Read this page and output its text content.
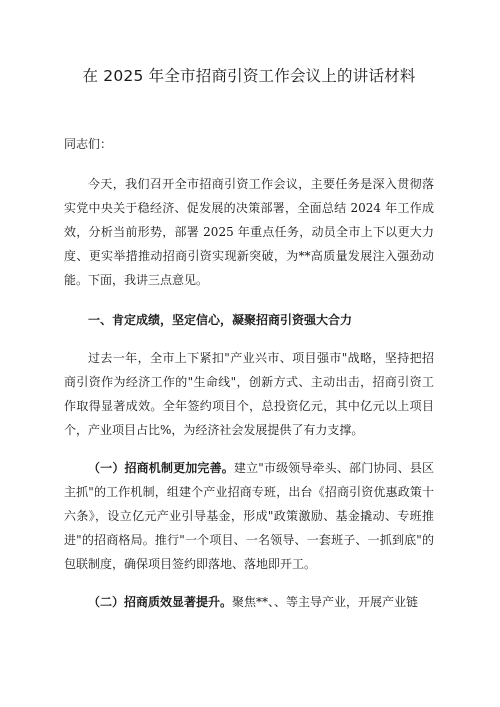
在 2025 年全市招商引资工作会议上的讲话材料
同志们：

今天，我们召开全市招商引资工作会议，主要任务是深入贯彻落实党中央关于稳经济、促发展的决策部署，全面总结 2024 年工作成效，分析当前形势，部署 2025 年重点任务，动员全市上下以更大力度、更实举措推动招商引资实现新突破，为**高质量发展注入强劲动能。下面，我讲三点意见。

一、肯定成绩，坚定信心，凝聚招商引资强大合力

过去一年，全市上下紧扣"产业兴市、项目强市"战略，坚持把招商引资作为经济工作的"生命线"，创新方式、主动出击，招商引资工作取得显著成效。全年签约项目个，总投资亿元，其中亿元以上项目个，产业项目占比%，为经济社会发展提供了有力支撑。

（一）招商机制更加完善。建立"市级领导牵头、部门协同、县区主抓"的工作机制，组建个产业招商专班，出台《招商引资优惠政策十六条》，设立亿元产业引导基金，形成"政策激励、基金撬动、专班推进"的招商格局。推行"一个项目、一名领导、一套班子、一抓到底"的包联制度，确保项目签约即落地、落地即开工。

（二）招商质效显著提升。聚焦**、、等主导产业，开展产业链
